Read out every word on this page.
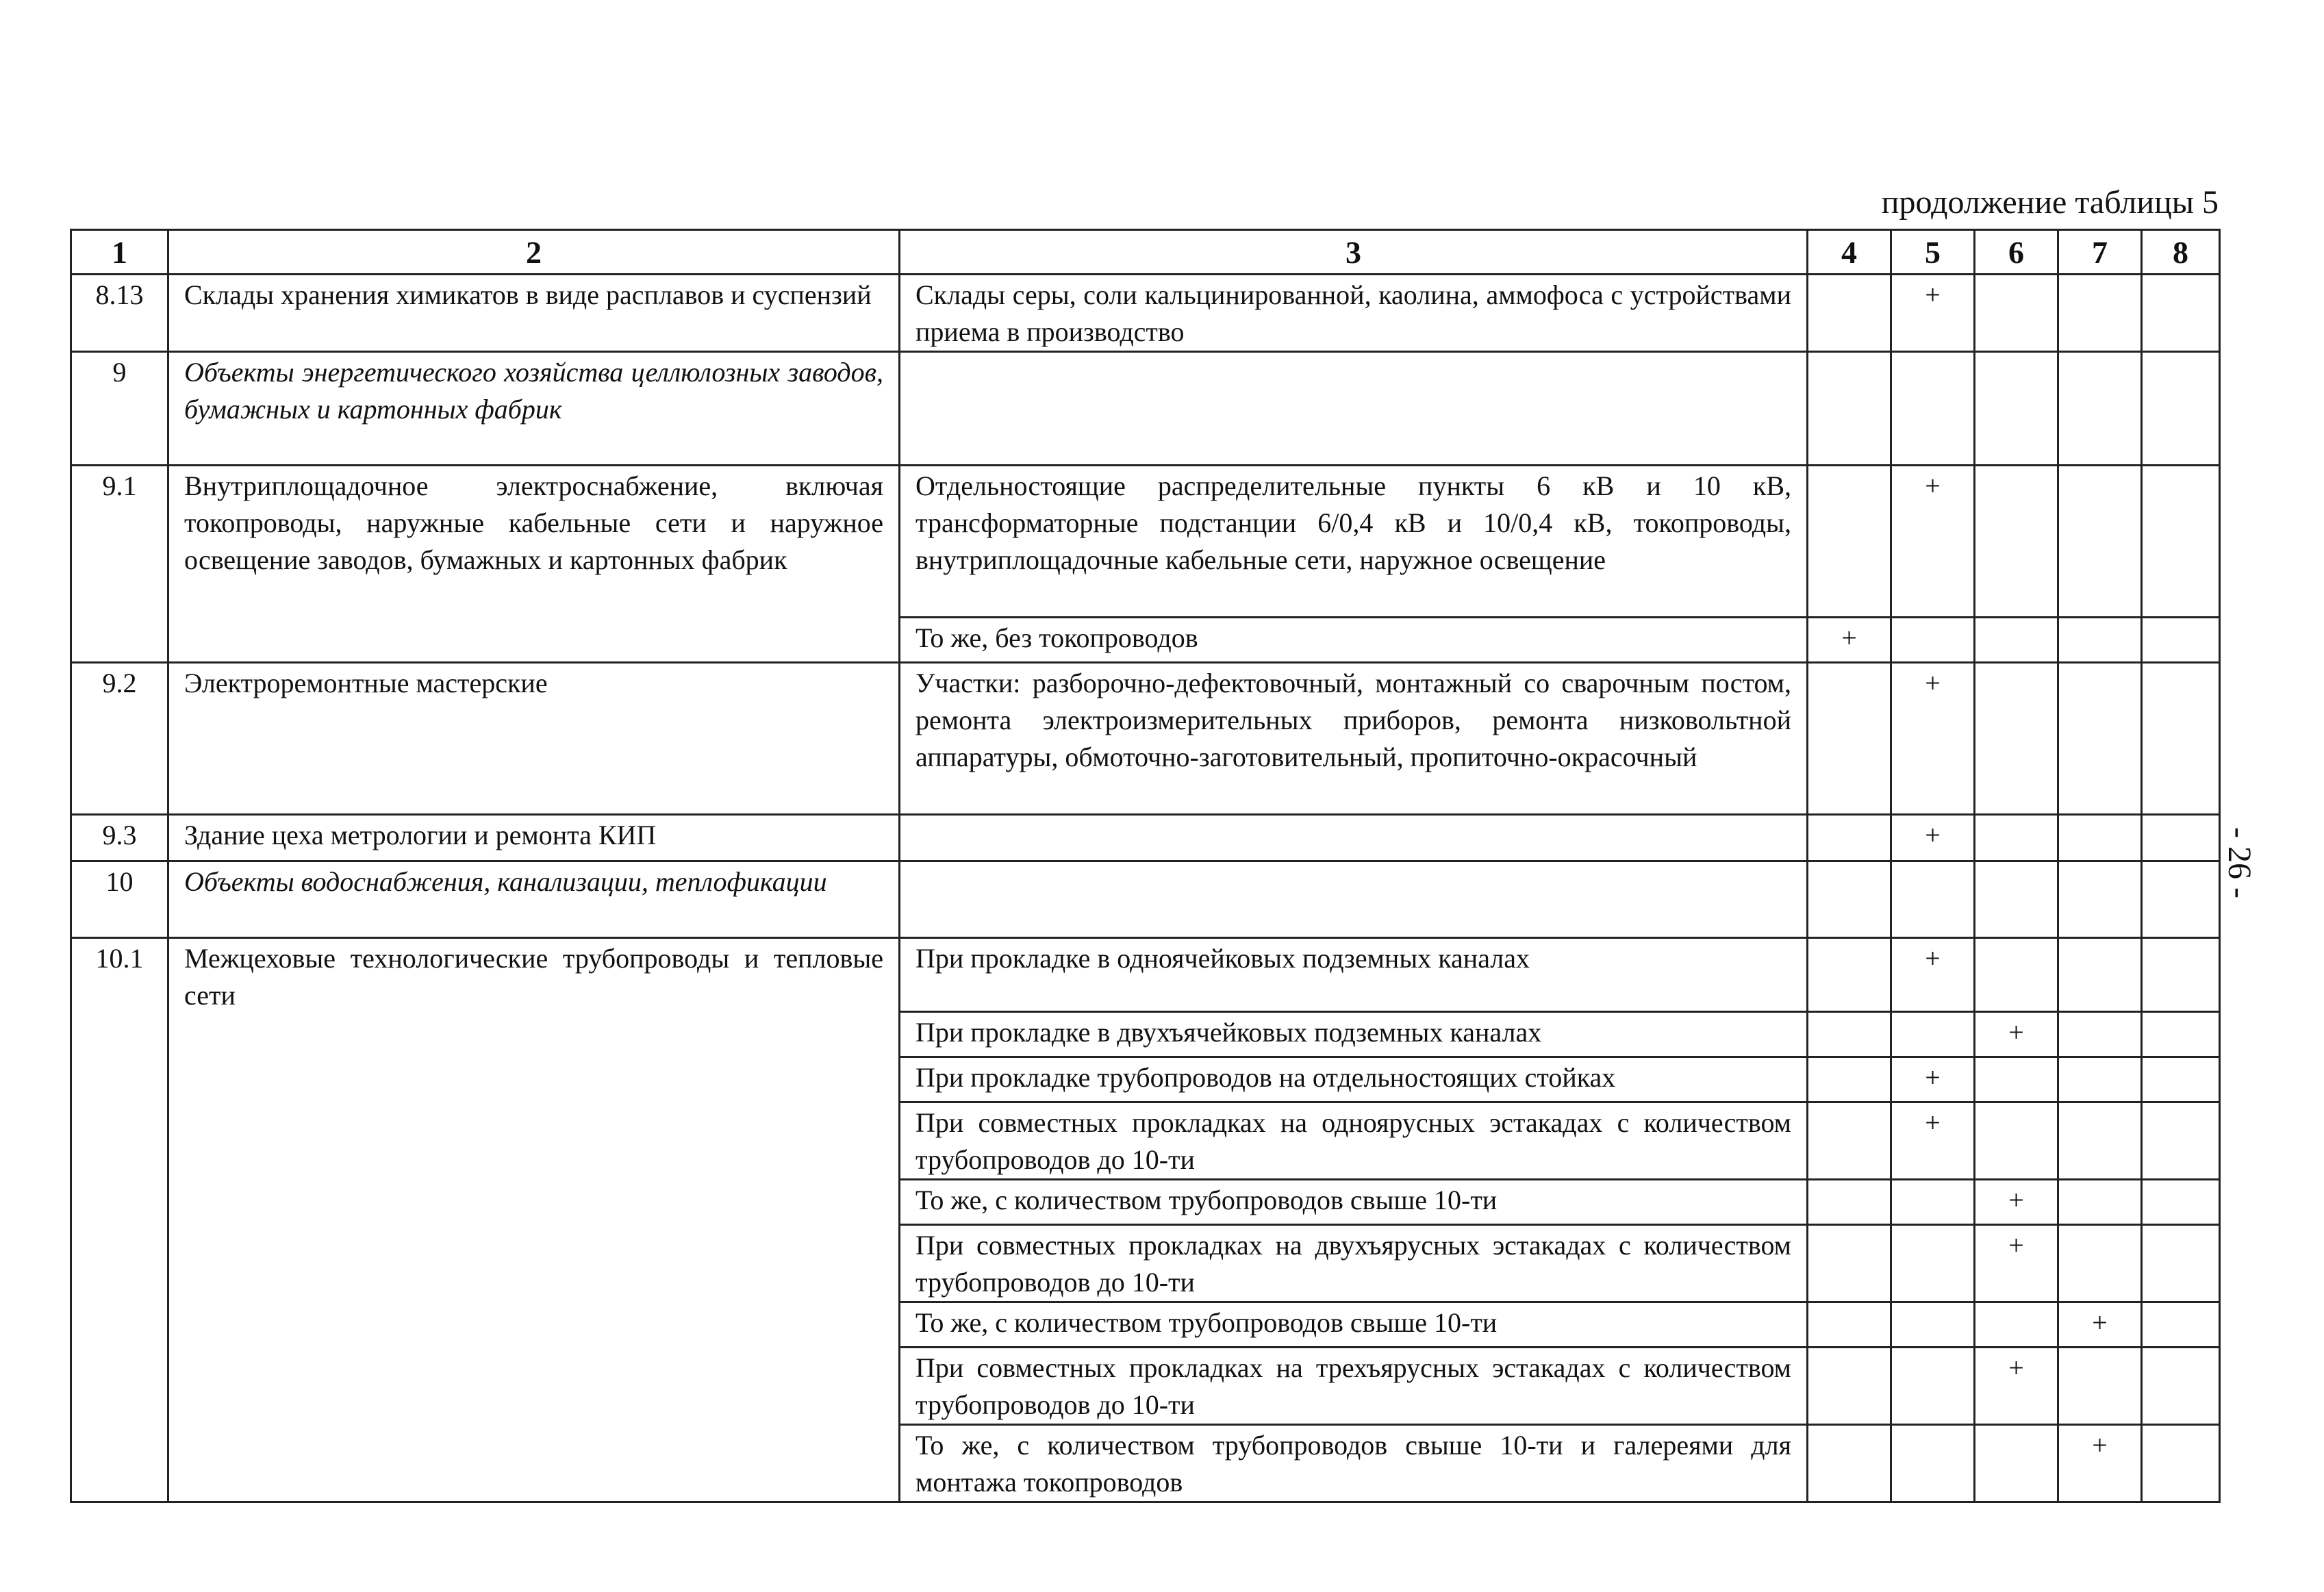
продолжение таблицы 5
- 26 -
1	2	3	4	5	6	7	8
8.13	Склады хранения химикатов в виде расплавов и суспензий	Склады серы, соли кальцинированной, каолина, аммофоса с устройствами приема в производство		+			
9	Объекты энергетического хозяйства целлюлозных заводов, бумажных и картонных фабрик						
9.1	Внутриплощадочное электроснабжение, включая токопроводы, наружные кабельные сети и наружное освещение заводов, бумажных и картонных фабрик	Отдельностоящие распределительные пункты 6 кВ и 10 кВ, трансформаторные подстанции 6/0,4 кВ и 10/0,4 кВ, токопроводы, внутриплощадочные кабельные сети, наружное освещение		+			
		То же, без токопроводов	+				
9.2	Электроремонтные мастерские	Участки: разборочно-дефектовочный, монтажный со сварочным постом, ремонта электроизмерительных приборов, ремонта низковольтной аппаратуры, обмоточно-заготовительный, пропиточно-окрасочный		+			
9.3	Здание цеха метрологии и ремонта КИП			+			
10	Объекты водоснабжения, канализации, теплофикации						
10.1	Межцеховые технологические трубопроводы и тепловые сети	При прокладке в одноячейковых подземных каналах		+			
		При прокладке в двухъячейковых подземных каналах			+		
		При прокладке трубопроводов на отдельностоящих стойках		+			
		При совместных прокладках на одноярусных эстакадах с количеством трубопроводов до 10-ти		+			
		То же, с количеством трубопроводов свыше 10-ти			+		
		При совместных прокладках на двухъярусных эстакадах с количеством трубопроводов до 10-ти			+		
		То же, с количеством трубопроводов свыше 10-ти				+	
		При совместных прокладках на трехъярусных эстакадах с количеством трубопроводов до 10-ти			+		
		То же, с количеством трубопроводов свыше 10-ти и галереями для монтажа токопроводов				+	
